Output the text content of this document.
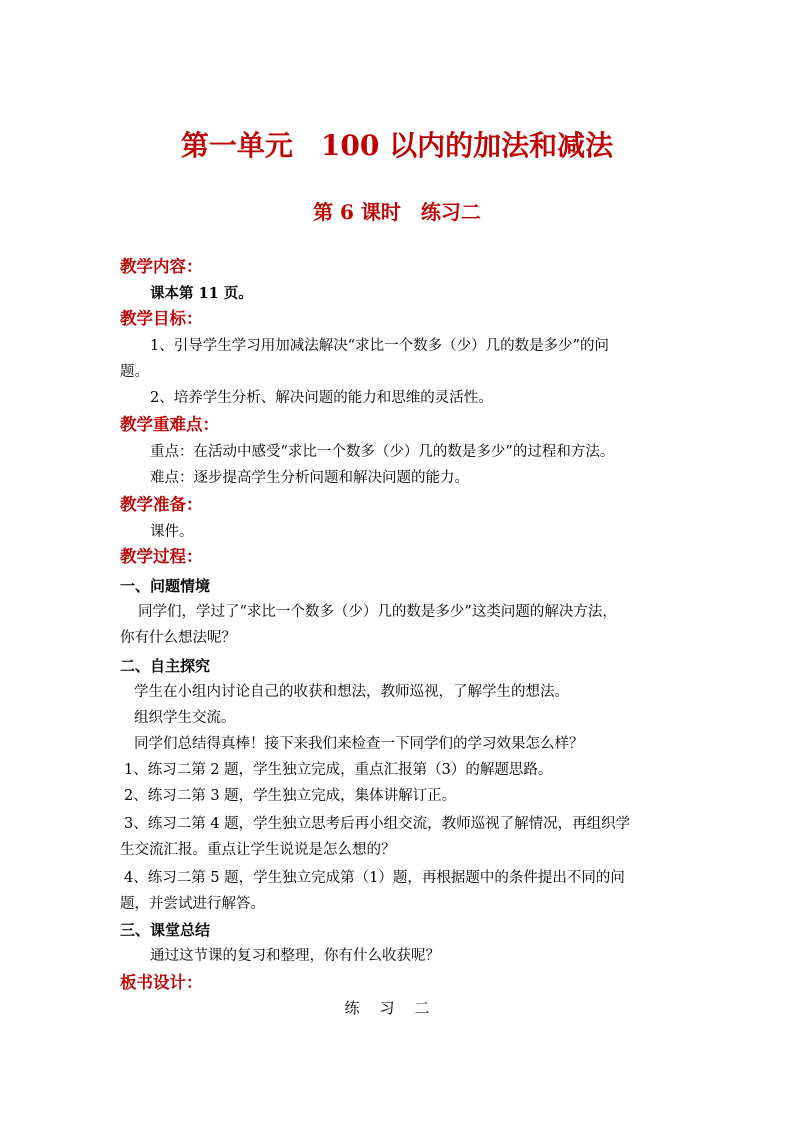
第一单元　100 以内的加法和减法
第 6 课时　练习二
教学内容：
课本第 11 页。
教学目标：
1、引导学生学习用加减法解决“求比一个数多（少）几的数是多少”的问
题。
2、培养学生分析、解决问题的能力和思维的灵活性。
教学重难点：
重点：在活动中感受“求比一个数多（少）几的数是多少”的过程和方法。
难点：逐步提高学生分析问题和解决问题的能力。
教学准备：
课件。
教学过程：
一、问题情境
同学们，学过了“求比一个数多（少）几的数是多少”这类问题的解决方法，
你有什么想法呢？
二、自主探究
学生在小组内讨论自己的收获和想法，教师巡视，了解学生的想法。
组织学生交流。
同学们总结得真棒！接下来我们来检查一下同学们的学习效果怎么样？
1、练习二第 2 题，学生独立完成，重点汇报第（3）的解题思路。
2、练习二第 3 题，学生独立完成，集体讲解订正。
3、练习二第 4 题，学生独立思考后再小组交流，教师巡视了解情况，再组织学
生交流汇报。重点让学生说说是怎么想的？
4、练习二第 5 题，学生独立完成第（1）题，再根据题中的条件提出不同的问
题，并尝试进行解答。
三、课堂总结
通过这节课的复习和整理，你有什么收获呢？
板书设计：
练习二
